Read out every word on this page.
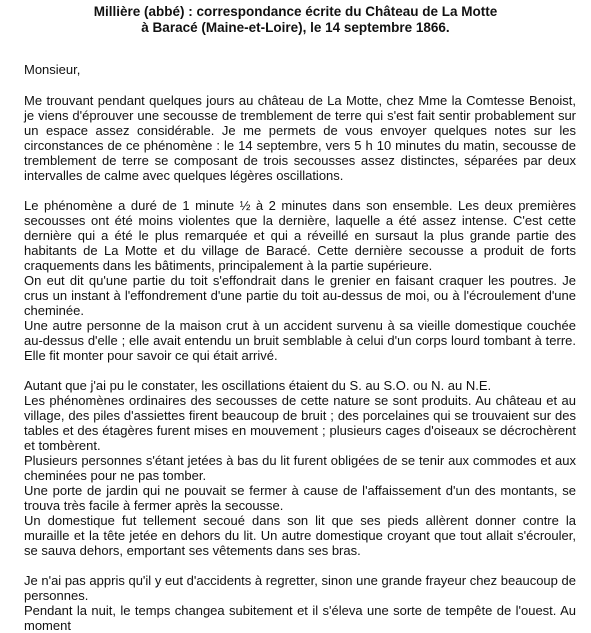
Millière (abbé) : correspondance écrite du Château de La Motte
à Baracé (Maine-et-Loire), le 14 septembre 1866.

Monsieur,

Me trouvant pendant quelques jours au château de La Motte, chez Mme la Comtesse Benoist, je viens d'éprouver une secousse de tremblement de terre qui s'est fait sentir probablement sur un espace assez considérable. Je me permets de vous envoyer quelques notes sur les circonstances de ce phénomène : le 14 septembre, vers 5 h 10 minutes du matin, secousse de tremblement de terre se composant de trois secousses assez distinctes, séparées par deux intervalles de calme avec quelques légères oscillations.

Le phénomène a duré de 1 minute ½ à 2 minutes dans son ensemble. Les deux premières secousses ont été moins violentes que la dernière, laquelle a été assez intense. C'est cette dernière qui a été le plus remarquée et qui a réveillé en sursaut la plus grande partie des habitants de La Motte et du village de Baracé. Cette dernière secousse a produit de forts craquements dans les bâtiments, principalement à la partie supérieure.

On eut dit qu'une partie du toit s'effondrait dans le grenier en faisant craquer les poutres. Je crus un instant à l'effondrement d'une partie du toit au-dessus de moi, ou à l'écroulement d'une cheminée.

Une autre personne de la maison crut à un accident survenu à sa vieille domestique couchée au-dessus d'elle ; elle avait entendu un bruit semblable à celui d'un corps lourd tombant à terre. Elle fit monter pour savoir ce qui était arrivé.

Autant que j'ai pu le constater, les oscillations étaient du S. au S.O. ou N. au N.E.

Les phénomènes ordinaires des secousses de cette nature se sont produits. Au château et au village, des piles d'assiettes firent beaucoup de bruit ; des porcelaines qui se trouvaient sur des tables et des étagères furent mises en mouvement ; plusieurs cages d'oiseaux se décrochèrent et tombèrent.

Plusieurs personnes s'étant jetées à bas du lit furent obligées de se tenir aux commodes et aux cheminées pour ne pas tomber.

Une porte de jardin qui ne pouvait se fermer à cause de l'affaissement d'un des montants, se trouva très facile à fermer après la secousse.

Un domestique fut tellement secoué dans son lit que ses pieds allèrent donner contre la muraille et la tête jetée en dehors du lit. Un autre domestique croyant que tout allait s'écrouler, se sauva dehors, emportant ses vêtements dans ses bras.

Je n'ai pas appris qu'il y eut d'accidents à regretter, sinon une grande frayeur chez beaucoup de personnes.

Pendant la nuit, le temps changea subitement et il s'éleva une sorte de tempête de l'ouest. Au moment
